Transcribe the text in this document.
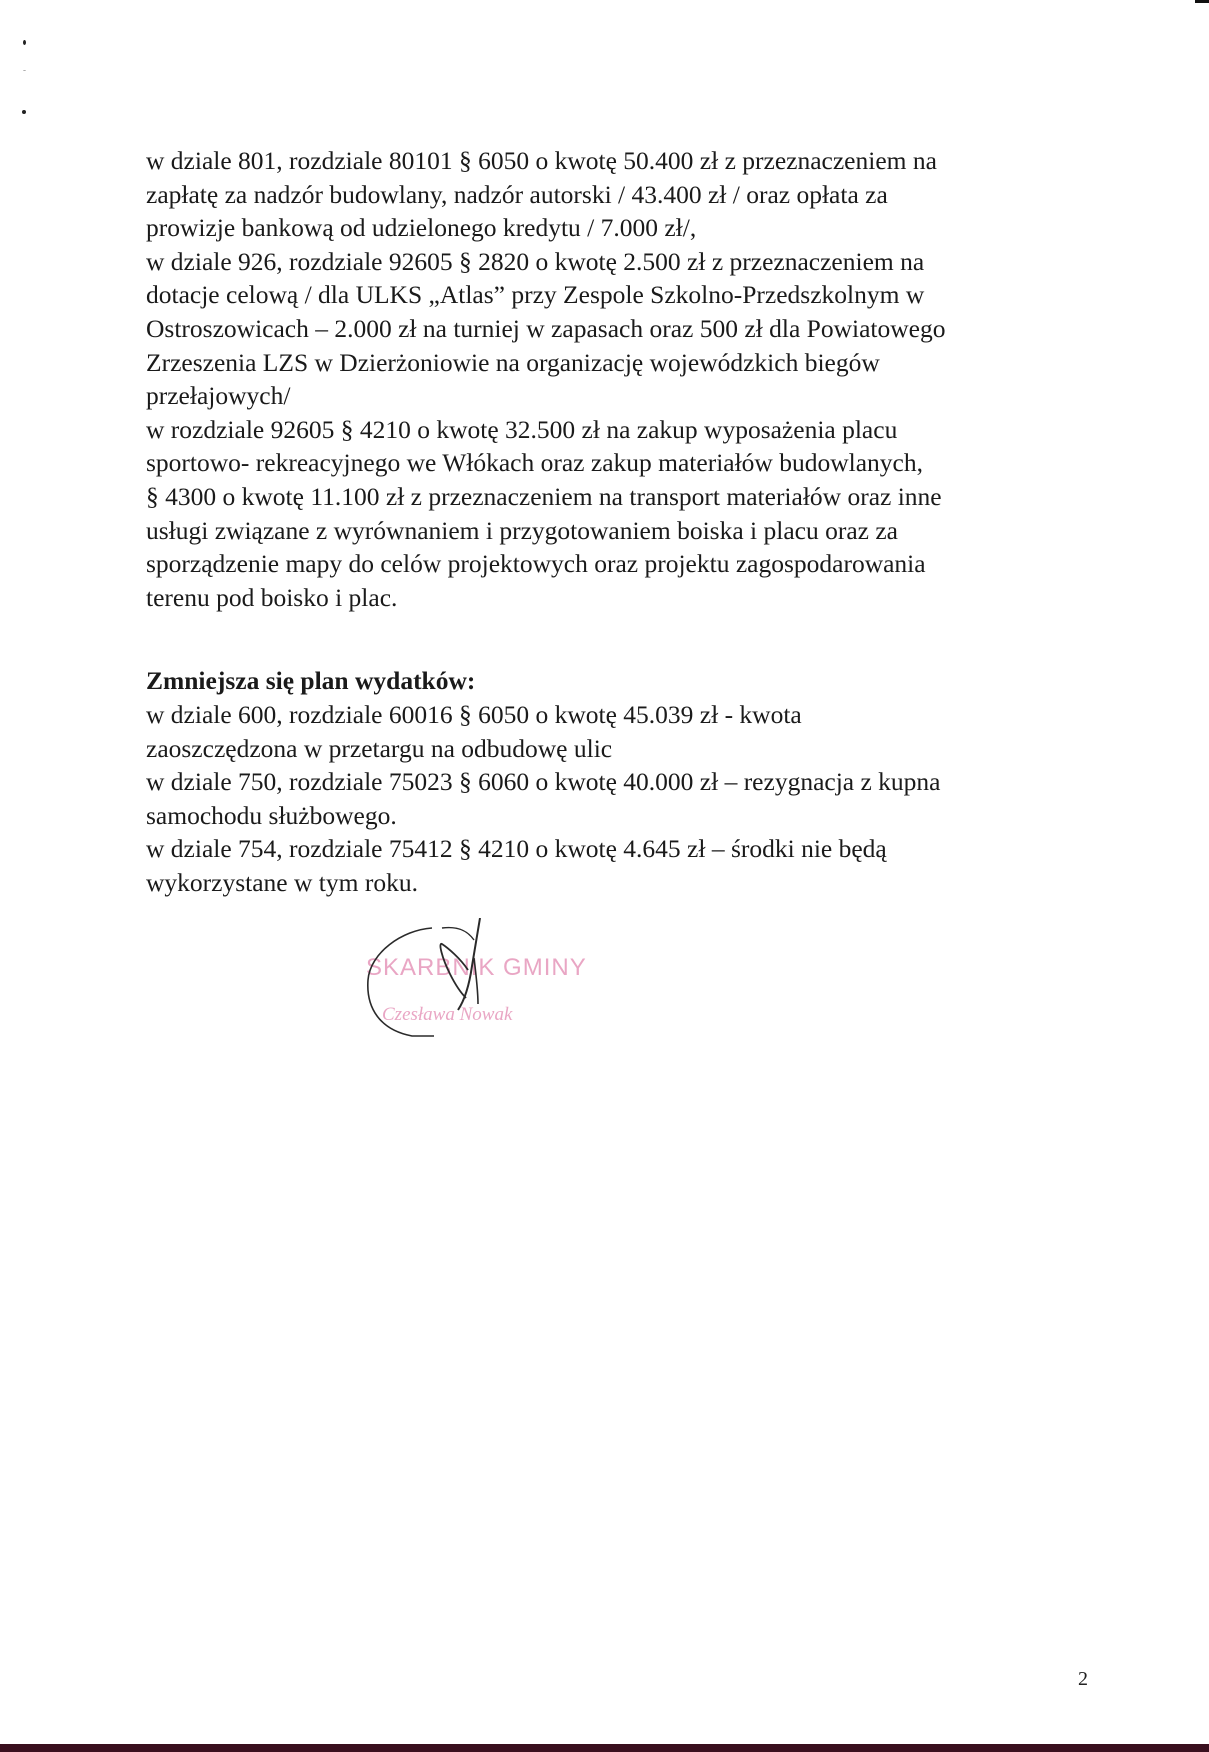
w dziale 801, rozdziale 80101 § 6050 o kwotę 50.400 zł z przeznaczeniem na
zapłatę za nadzór budowlany, nadzór autorski / 43.400 zł / oraz opłata za
prowizje bankową od udzielonego kredytu / 7.000 zł/,
w dziale 926, rozdziale 92605 § 2820 o kwotę 2.500 zł z przeznaczeniem na
dotacje celową / dla ULKS „Atlas” przy Zespole Szkolno-Przedszkolnym w
Ostroszowicach – 2.000 zł na turniej w zapasach oraz 500 zł dla Powiatowego
Zrzeszenia LZS w Dzierżoniowie na organizację wojewódzkich biegów
przełajowych/
w rozdziale 92605 § 4210 o kwotę 32.500 zł na zakup wyposażenia placu
sportowo- rekreacyjnego we Włókach oraz zakup materiałów budowlanych,
§ 4300 o kwotę 11.100 zł z przeznaczeniem na transport materiałów oraz inne
usługi związane z wyrównaniem i przygotowaniem boiska i placu oraz za
sporządzenie mapy do celów projektowych oraz projektu zagospodarowania
terenu pod boisko i plac.
Zmniejsza się plan wydatków:
w dziale 600, rozdziale 60016 § 6050 o kwotę 45.039 zł - kwota
zaoszczędzona w przetargu na odbudowę ulic
w dziale 750, rozdziale 75023 § 6060 o kwotę 40.000 zł – rezygnacja z kupna
samochodu służbowego.
w dziale 754, rozdziale 75412 § 4210 o kwotę 4.645 zł – środki nie będą
wykorzystane w tym roku.
SKARBNIK GMINY
Czesława Nowak
2
